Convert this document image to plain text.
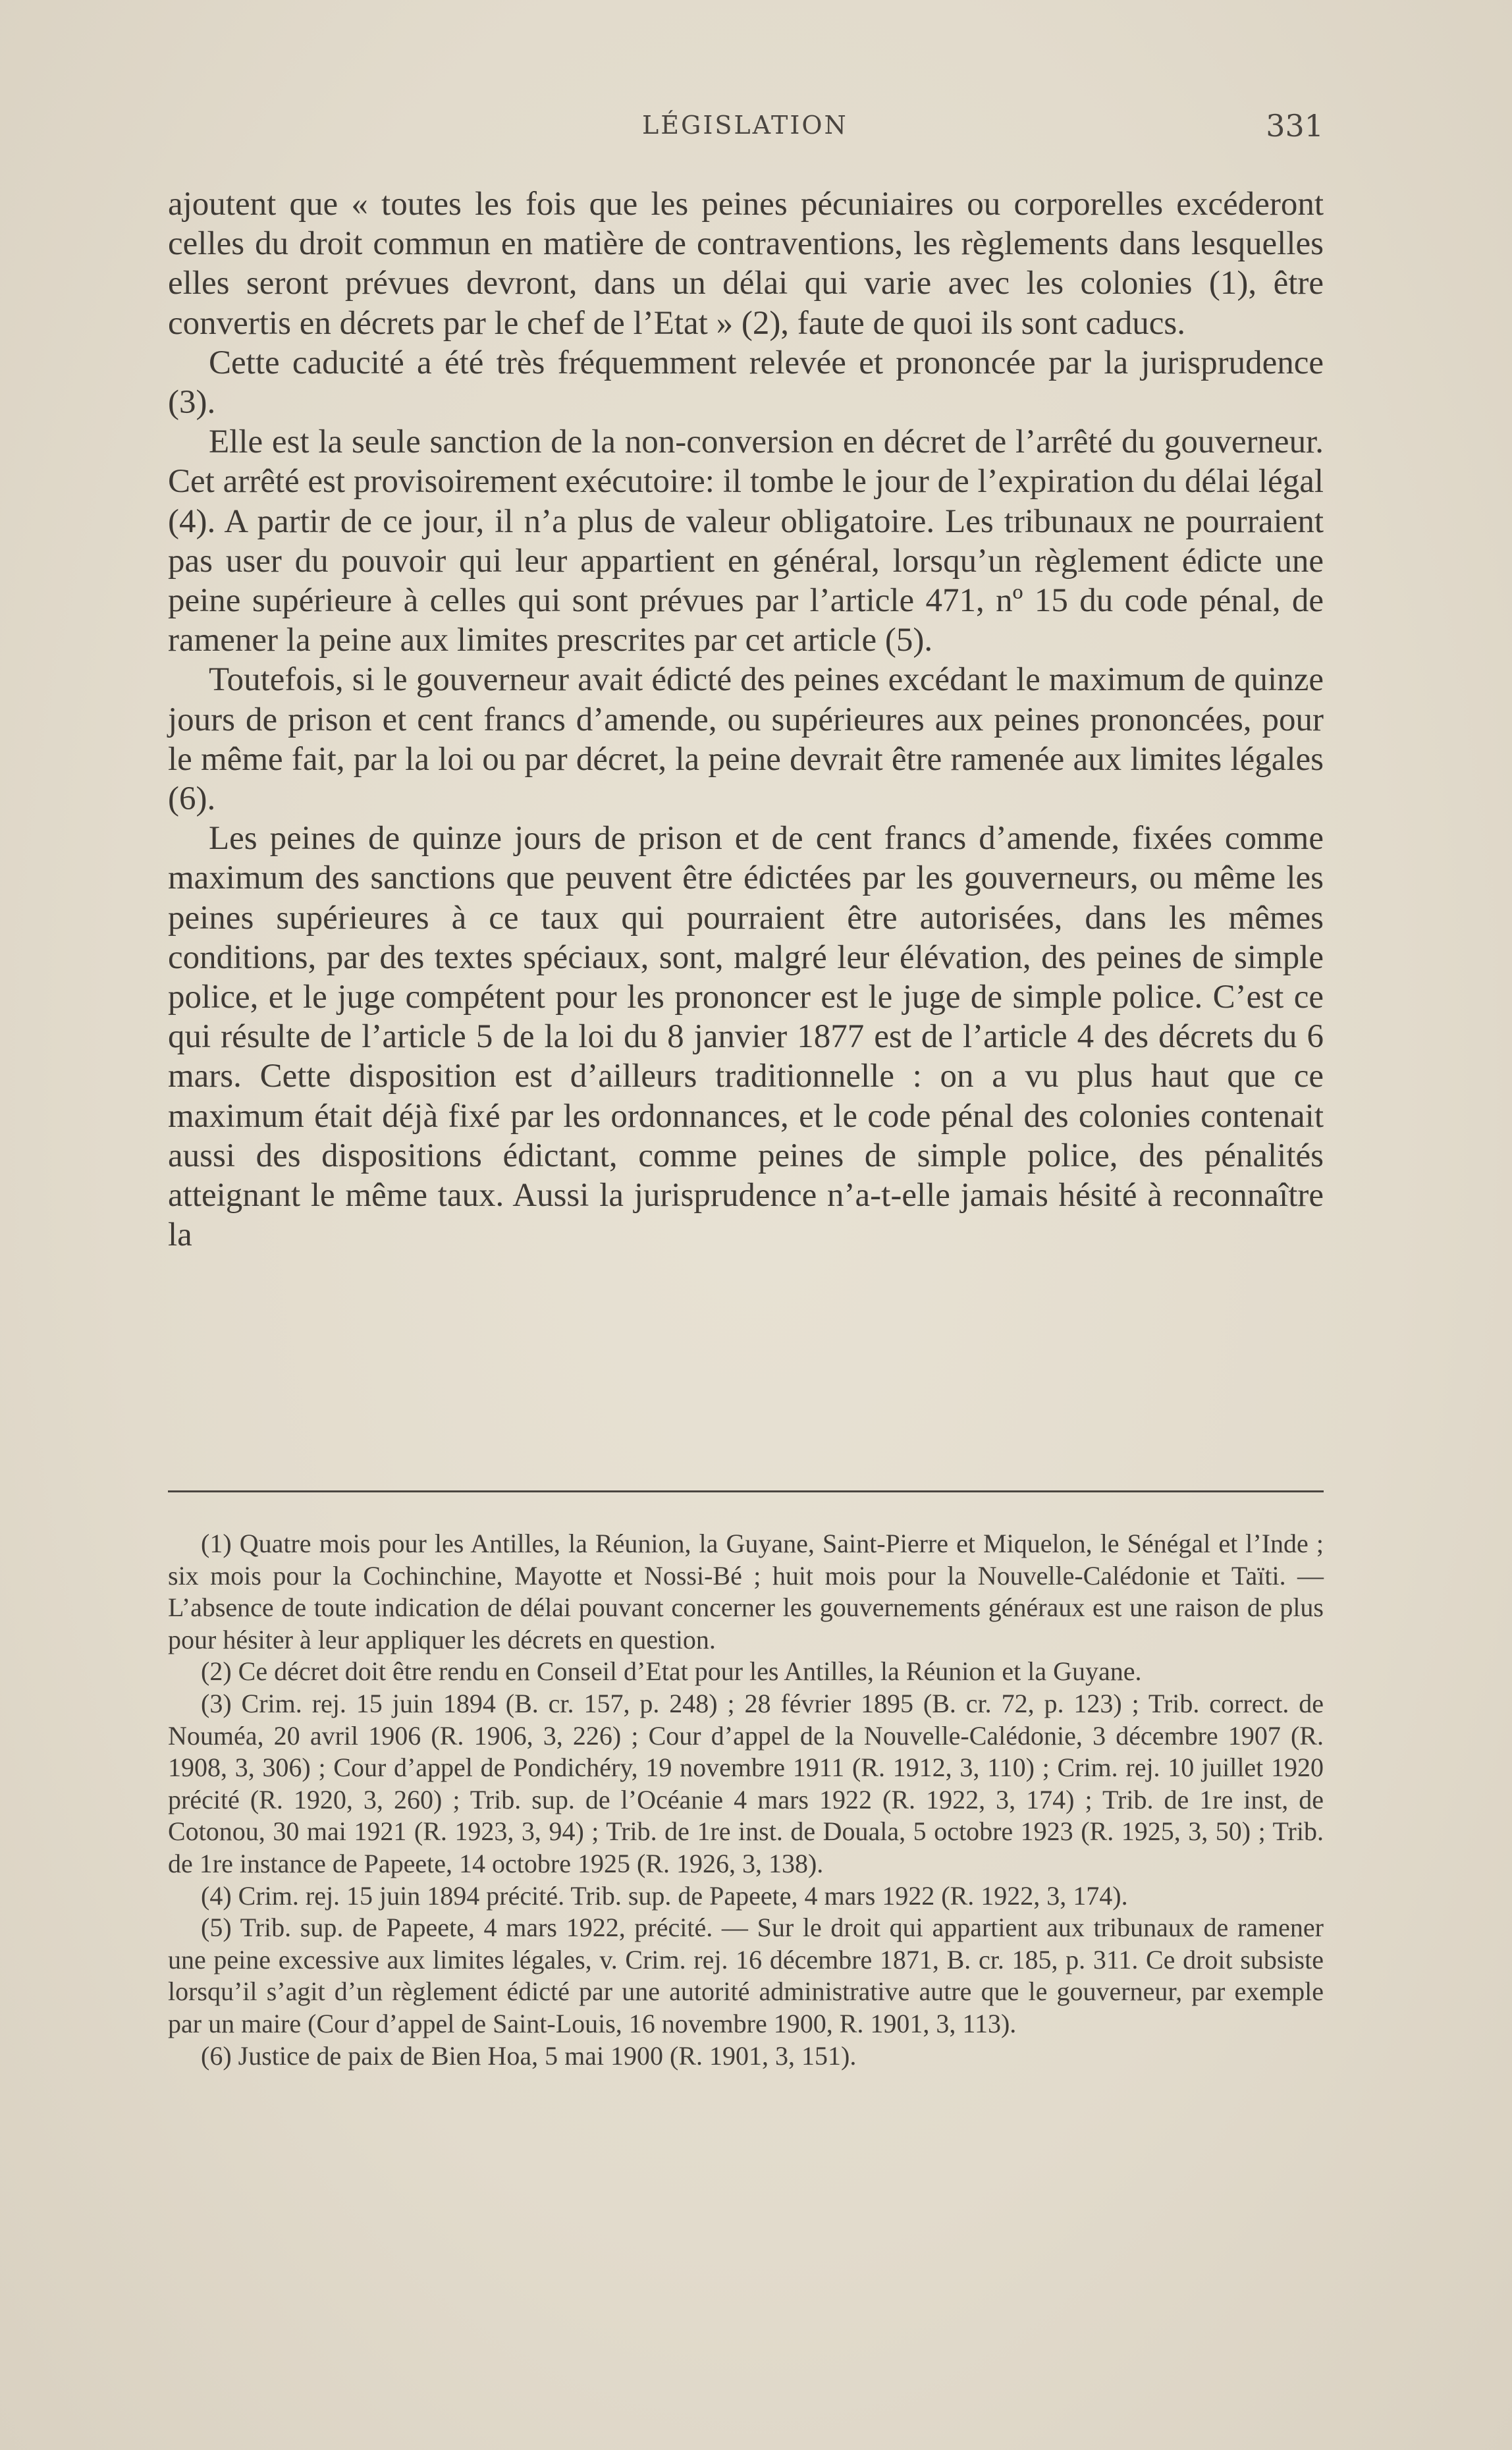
LÉGISLATION	331

ajoutent que « toutes les fois que les peines pécuniaires ou corporelles excéderont celles du droit commun en matière de contraventions, les règlements dans lesquelles elles seront prévues devront, dans un délai qui varie avec les colonies (1), être convertis en décrets par le chef de l’Etat » (2), faute de quoi ils sont caducs.

Cette caducité a été très fréquemment relevée et prononcée par la jurisprudence (3).

Elle est la seule sanction de la non-conversion en décret de l’arrêté du gouverneur. Cet arrêté est provisoirement exécutoire: il tombe le jour de l’expiration du délai légal (4). A partir de ce jour, il n’a plus de valeur obligatoire. Les tribunaux ne pourraient pas user du pouvoir qui leur appartient en général, lorsqu’un règlement édicte une peine supérieure à celles qui sont prévues par l’article 471, nº 15 du code pénal, de ramener la peine aux limites prescrites par cet article (5).

Toutefois, si le gouverneur avait édicté des peines excédant le maximum de quinze jours de prison et cent francs d’amende, ou supérieures aux peines prononcées, pour le même fait, par la loi ou par décret, la peine devrait être ramenée aux limites légales (6).

Les peines de quinze jours de prison et de cent francs d’amende, fixées comme maximum des sanctions que peuvent être édictées par les gouverneurs, ou même les peines supérieures à ce taux qui pourraient être autorisées, dans les mêmes conditions, par des textes spéciaux, sont, malgré leur élévation, des peines de simple police, et le juge compétent pour les prononcer est le juge de simple police. C’est ce qui résulte de l’article 5 de la loi du 8 janvier 1877 est de l’article 4 des décrets du 6 mars. Cette disposition est d’ailleurs traditionnelle : on a vu plus haut que ce maximum était déjà fixé par les ordonnances, et le code pénal des colonies contenait aussi des dispositions édictant, comme peines de simple police, des pénalités atteignant le même taux. Aussi la jurisprudence n’a-t-elle jamais hésité à reconnaître la

(1) Quatre mois pour les Antilles, la Réunion, la Guyane, Saint-Pierre et Miquelon, le Sénégal et l’Inde ; six mois pour la Cochinchine, Mayotte et Nossi-Bé ; huit mois pour la Nouvelle-Calédonie et Taïti. — L’absence de toute indication de délai pouvant concerner les gouvernements généraux est une raison de plus pour hésiter à leur appliquer les décrets en question.

(2) Ce décret doit être rendu en Conseil d’Etat pour les Antilles, la Réunion et la Guyane.

(3) Crim. rej. 15 juin 1894 (B. cr. 157, p. 248) ; 28 février 1895 (B. cr. 72, p. 123) ; Trib. correct. de Nouméa, 20 avril 1906 (R. 1906, 3, 226) ; Cour d’appel de la Nouvelle-Calédonie, 3 décembre 1907 (R. 1908, 3, 306) ; Cour d’appel de Pondichéry, 19 novembre 1911 (R. 1912, 3, 110) ; Crim. rej. 10 juillet 1920 précité (R. 1920, 3, 260) ; Trib. sup. de l’Océanie 4 mars 1922 (R. 1922, 3, 174) ; Trib. de 1re inst, de Cotonou, 30 mai 1921 (R. 1923, 3, 94) ; Trib. de 1re inst. de Douala, 5 octobre 1923 (R. 1925, 3, 50) ; Trib. de 1re instance de Papeete, 14 octobre 1925 (R. 1926, 3, 138).

(4) Crim. rej. 15 juin 1894 précité. Trib. sup. de Papeete, 4 mars 1922 (R. 1922, 3, 174).

(5) Trib. sup. de Papeete, 4 mars 1922, précité. — Sur le droit qui appartient aux tribunaux de ramener une peine excessive aux limites légales, v. Crim. rej. 16 décembre 1871, B. cr. 185, p. 311. Ce droit subsiste lorsqu’il s’agit d’un règlement édicté par une autorité administrative autre que le gouverneur, par exemple par un maire (Cour d’appel de Saint-Louis, 16 novembre 1900, R. 1901, 3, 113).

(6) Justice de paix de Bien Hoa, 5 mai 1900 (R. 1901, 3, 151).
